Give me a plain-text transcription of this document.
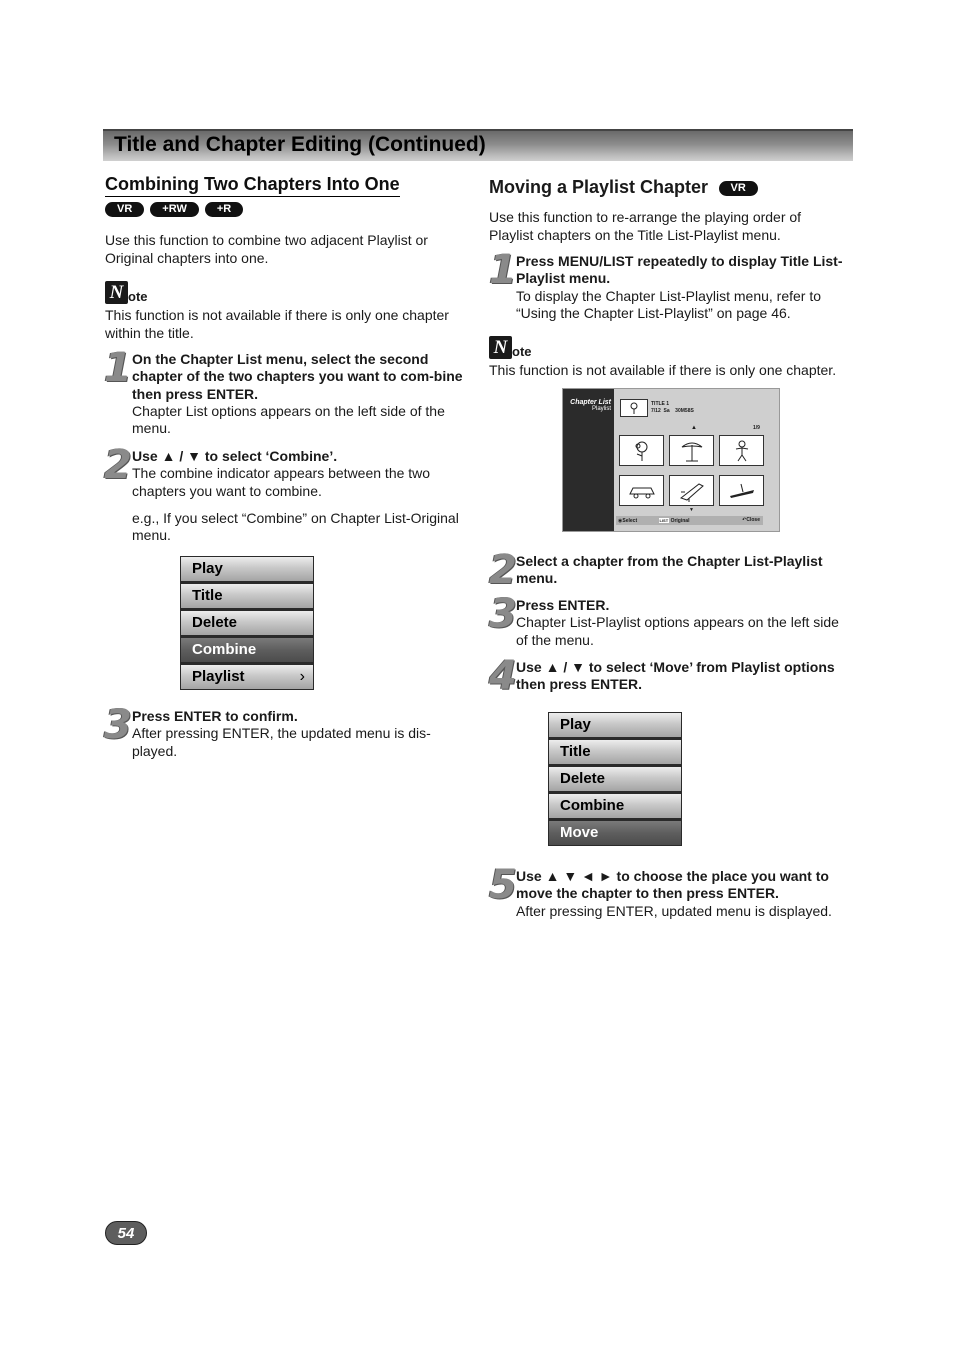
Title and Chapter Editing (Continued)
Combining Two Chapters Into One
VR	+RW	+R
Use this function to combine two adjacent Playlist or Original chapters into one.
N ote
This function is not available if there is only one chapter within the title.
1 On the Chapter List menu, select the second chapter of the two chapters you want to com-bine then press ENTER.
Chapter List options appears on the left side of the menu.
2 Use ▲ / ▼ to select ‘Combine’.
The combine indicator appears between the two chapters you want to combine.
e.g., If you select “Combine” on Chapter List-Original menu.
Play
Title
Delete
Combine
Playlist	›
3 Press ENTER to confirm.
After pressing ENTER, the updated menu is dis-played.
Moving a Playlist Chapter VR
Use this function to re-arrange the playing order of Playlist chapters on the Title List-Playlist menu.
1 Press MENU/LIST repeatedly to display Title List-Playlist menu.
To display the Chapter List-Playlist menu, refer to “Using the Chapter List-Playlist” on page 46.
N ote
This function is not available if there is only one chapter.
Chapter List
Playlist
TITLE 1
7/12  Sa    30M58S
▲	1/9
▼
◉Select	LIST Original	↶Close
2 Select a chapter from the Chapter List-Playlist menu.
3 Press ENTER.
Chapter List-Playlist options appears on the left side of the menu.
4 Use ▲ / ▼ to select ‘Move’ from Playlist options then press ENTER.
Play
Title
Delete
Combine
Move
5 Use ▲ ▼ ◄ ► to choose the place you want to move the chapter to then press ENTER.
After pressing ENTER, updated menu is displayed.
54
